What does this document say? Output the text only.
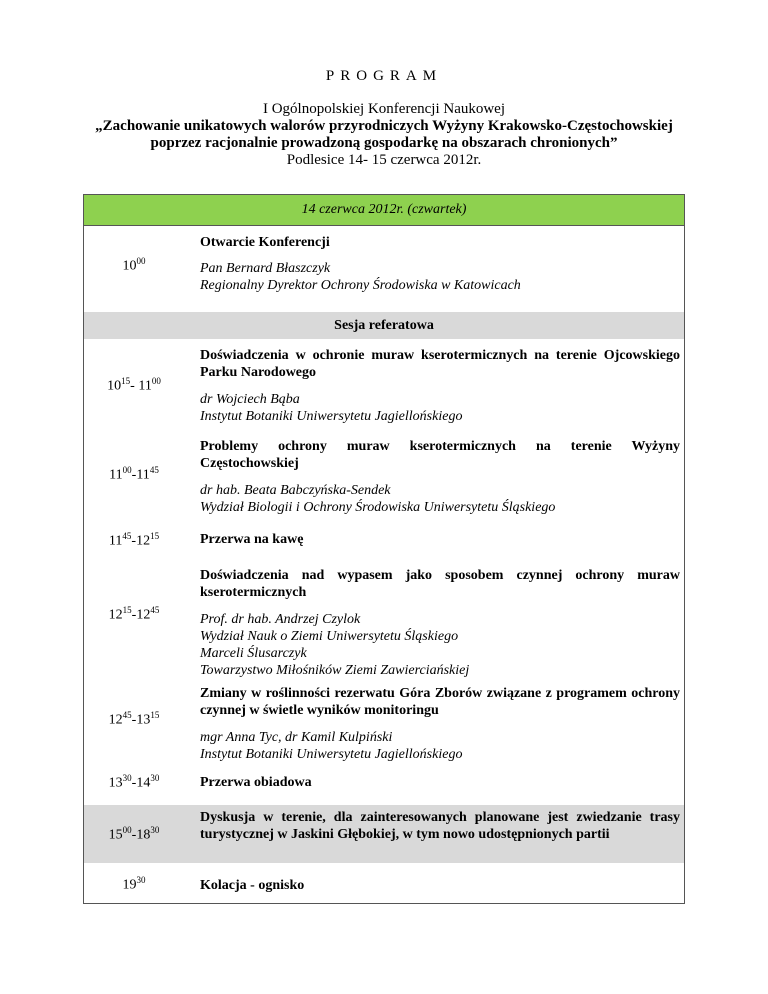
PROGRAM
I Ogólnopolskiej Konferencji Naukowej
„Zachowanie unikatowych walorów przyrodniczych Wyżyny Krakowsko-Częstochowskiej
poprzez racjonalnie prowadzoną gospodarkę na obszarach chronionych”
Podlesice 14- 15 czerwca 2012r.
14 czerwca 2012r. (czwartek)
$10^{00}$
Otwarcie Konferencji
Pan Bernard Błaszczyk
Regionalny Dyrektor Ochrony Środowiska w Katowicach
Sesja referatowa
$10^{15}-$ $11^{00}$
Doświadczenia w ochronie muraw kserotermicznych na terenie Ojcowskiego Parku Narodowego
dr Wojciech Bąba
Instytut Botaniki Uniwersytetu Jagiellońskiego
$11^{00}-11^{45}$
Problemy ochrony muraw kserotermicznych na terenie Wyżyny Częstochowskiej
dr hab. Beata Babczyńska-Sendek
Wydział Biologii i Ochrony Środowiska Uniwersytetu Śląskiego
$11^{45}-12^{15}$	Przerwa na kawę
$12^{15}-12^{45}$
Doświadczenia nad wypasem jako sposobem czynnej ochrony muraw kserotermicznych
Prof. dr hab. Andrzej Czylok
Wydział Nauk o Ziemi Uniwersytetu Śląskiego
Marceli Ślusarczyk
Towarzystwo Miłośników Ziemi Zawierciańskiej
$12^{45}-13^{15}$
Zmiany w roślinności rezerwatu Góra Zborów związane z programem ochrony czynnej w świetle wyników monitoringu
mgr Anna Tyc, dr Kamil Kulpiński
Instytut Botaniki Uniwersytetu Jagiellońskiego
$13^{30}-14^{30}$	Przerwa obiadowa
$15^{00}-18^{30}$
Dyskusja w terenie, dla zainteresowanych planowane jest zwiedzanie trasy turystycznej w Jaskini Głębokiej, w tym nowo udostępnionych partii
$19^{30}$	Kolacja - ognisko
